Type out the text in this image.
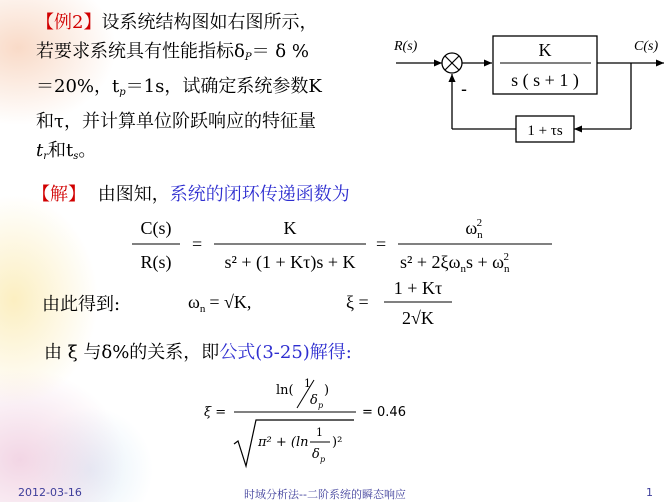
【例2】设系统结构图如右图所示，
若要求系统具有性能指标$\delta_P= \delta$ %
＝20%，$t_p=1s$，试确定系统参数K
和τ，并计算单位阶跃响应的特征量
$t_r$和$t_s$。
R(s)	C(s)
K
s ( s + 1 )
1 + τs
-
【解】 由图知，系统的闭环传递函数为
C(s)
R(s)
=
K
s² + (1 + Kτ)s + K
=
$\omega_n2$
$s^2 + 2\xi\omega_ns + \omega_n2$
由此得到:	$\omega_n = √K$,	ξ =
1 + Kτ
2√K
由 ξ 与δ%的关系，即公式(3-25)解得:
ξ =
ln( 1
δ p
)
π² + (ln
1
δ p
)²
= 0.46
2012-03-16	时域分析法--二阶系统的瞬态响应	1
